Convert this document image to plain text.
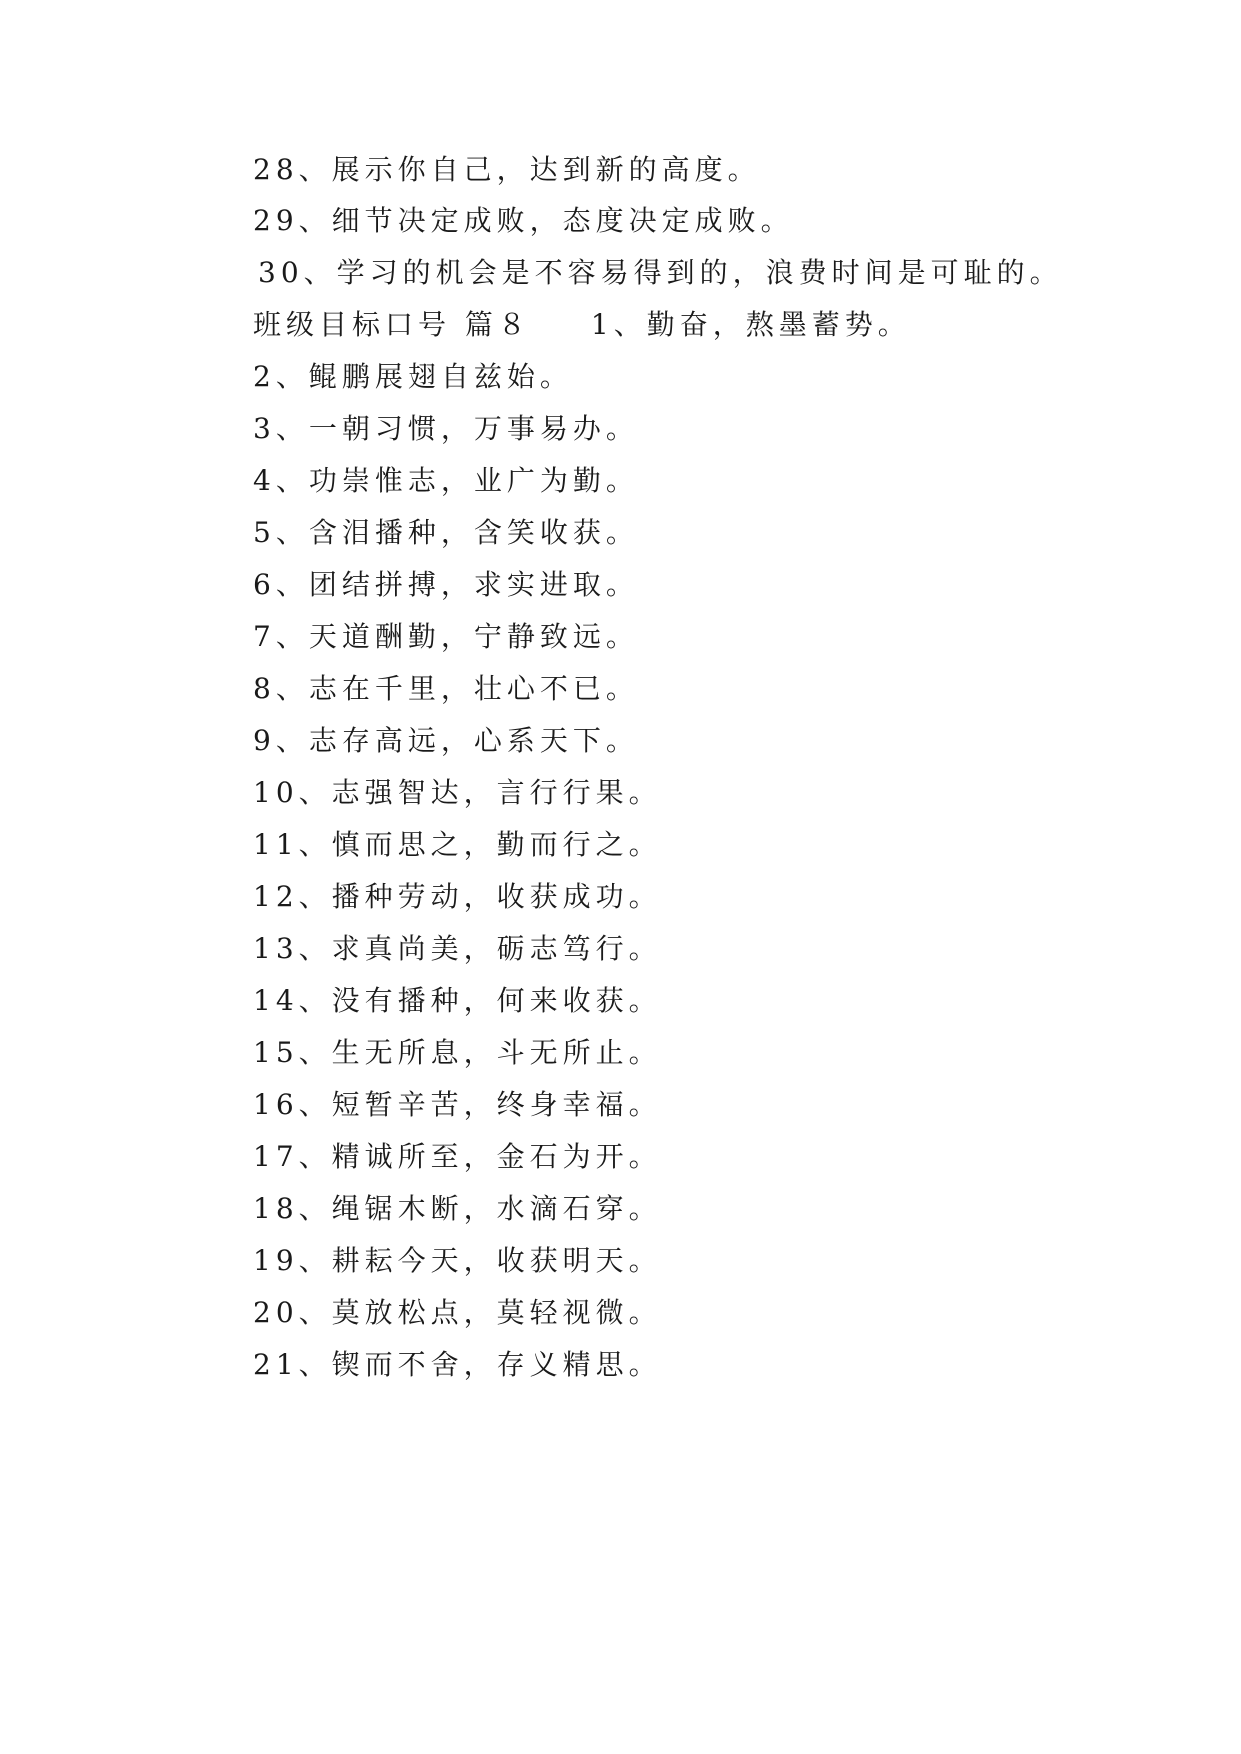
28、展示你自己，达到新的高度。
29、细节决定成败，态度决定成败。
30、学习的机会是不容易得到的，浪费时间是可耻的。
班级目标口号 篇８ 1、勤奋，熬墨蓄势。
2、鲲鹏展翅自兹始。
3、一朝习惯，万事易办。
4、功崇惟志，业广为勤。
5、含泪播种，含笑收获。
6、团结拼搏，求实进取。
7、天道酬勤，宁静致远。
8、志在千里，壮心不已。
9、志存高远，心系天下。
10、志强智达，言行行果。
11、慎而思之，勤而行之。
12、播种劳动，收获成功。
13、求真尚美，砺志笃行。
14、没有播种，何来收获。
15、生无所息，斗无所止。
16、短暂辛苦，终身幸福。
17、精诚所至，金石为开。
18、绳锯木断，水滴石穿。
19、耕耘今天，收获明天。
20、莫放松点，莫轻视微。
21、锲而不舍，存义精思。
